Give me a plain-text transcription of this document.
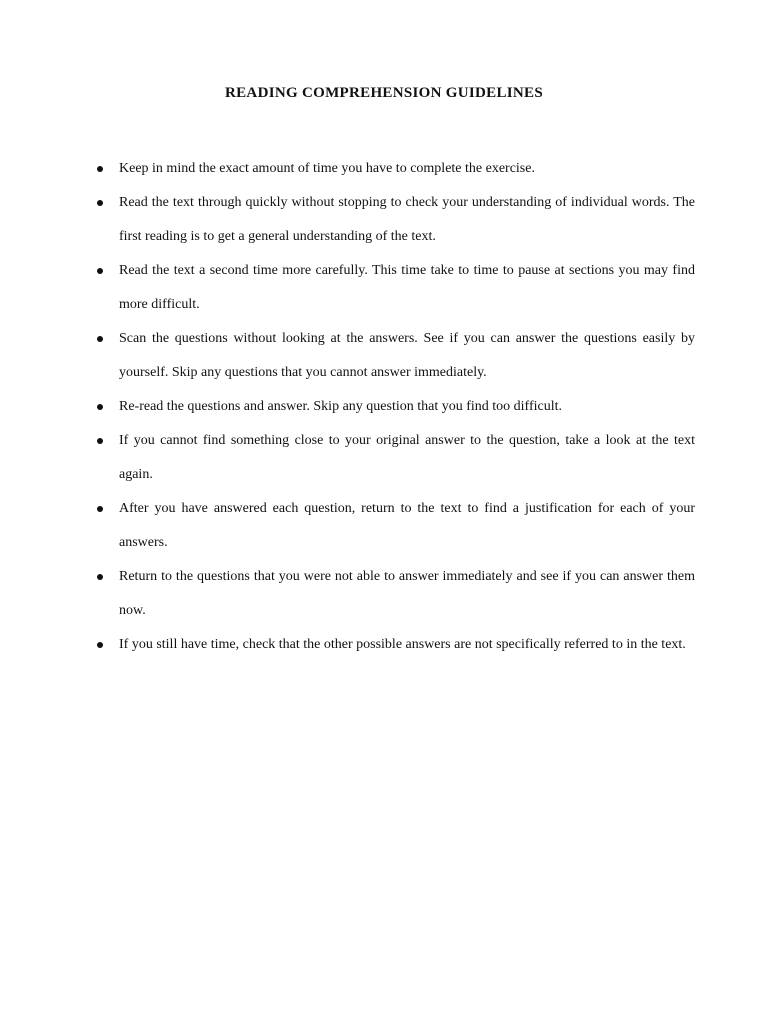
READING COMPREHENSION GUIDELINES
Keep in mind the exact amount of time you have to complete the exercise.
Read the text through quickly without stopping to check your understanding of individual words. The first reading is to get a general understanding of the text.
Read the text a second time more carefully. This time take to time to pause at sections you may find more difficult.
Scan the questions without looking at the answers. See if you can answer the questions easily by yourself. Skip any questions that you cannot answer immediately.
Re-read the questions and answer. Skip any question that you find too difficult.
If you cannot find something close to your original answer to the question, take a look at the text again.
After you have answered each question, return to the text to find a justification for each of your answers.
Return to the questions that you were not able to answer immediately and see if you can answer them now.
If you still have time, check that the other possible answers are not specifically referred to in the text.
